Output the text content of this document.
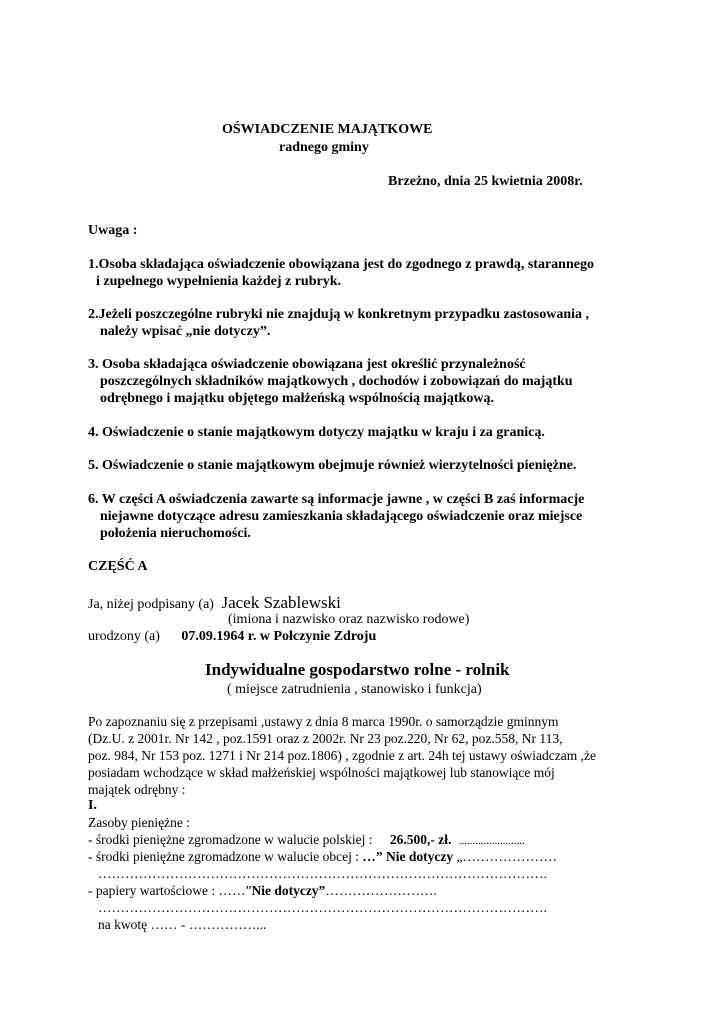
OŚWIADCZENIE MAJĄTKOWE
radnego gminy
Brzeżno, dnia 25 kwietnia 2008r.
Uwaga :
1.Osoba składająca oświadczenie obowiązana jest do zgodnego z prawdą, starannego
i zupełnego wypełnienia każdej z rubryk.
2.Jeżeli poszczególne rubryki nie znajdują w konkretnym przypadku zastosowania ,
należy wpisać „nie dotyczy”.
3. Osoba składająca oświadczenie obowiązana jest określić przynależność
poszczególnych składników majątkowych , dochodów i zobowiązań do majątku
odrębnego i majątku objętego małżeńską wspólnością majątkową.
4. Oświadczenie o stanie majątkowym dotyczy majątku w kraju i za granicą.
5. Oświadczenie o stanie majątkowym obejmuje również wierzytelności pieniężne.
6. W części A oświadczenia zawarte są informacje jawne , w części B zaś informacje
niejawne dotyczące adresu zamieszkania składającego oświadczenie oraz miejsce
położenia nieruchomości.
CZĘŚĆ A
Ja, niżej podpisany (a) Jacek Szablewski
(imiona i nazwisko oraz nazwisko rodowe)
urodzony (a) 07.09.1964 r. w Połczynie Zdroju
Indywidualne gospodarstwo rolne - rolnik
( miejsce zatrudnienia , stanowisko i funkcja)
Po zapoznaniu się z przepisami ,ustawy z dnia 8 marca 1990r. o samorządzie gminnym
(Dz.U. z 2001r. Nr 142 , poz.1591 oraz z 2002r. Nr 23 poz.220, Nr 62, poz.558, Nr 113,
poz. 984, Nr 153 poz. 1271 i Nr 214 poz.1806) , zgodnie z art. 24h tej ustawy oświadczam ,że
posiadam wchodzące w skład małżeńskiej wspólności majątkowej lub stanowiące mój
majątek odrębny :
I.
Zasoby pieniężne :
- środki pieniężne zgromadzone w walucie polskiej : 26.500,- zł. ........................
- środki pieniężne zgromadzone w walucie obcej : …” Nie dotyczy „…………………
……………………………………………………………………………………….
- papiery wartościowe : ……”Nie dotyczy”…………………….
……………………………………………………………………………………….
na kwotę …… - ……………...
